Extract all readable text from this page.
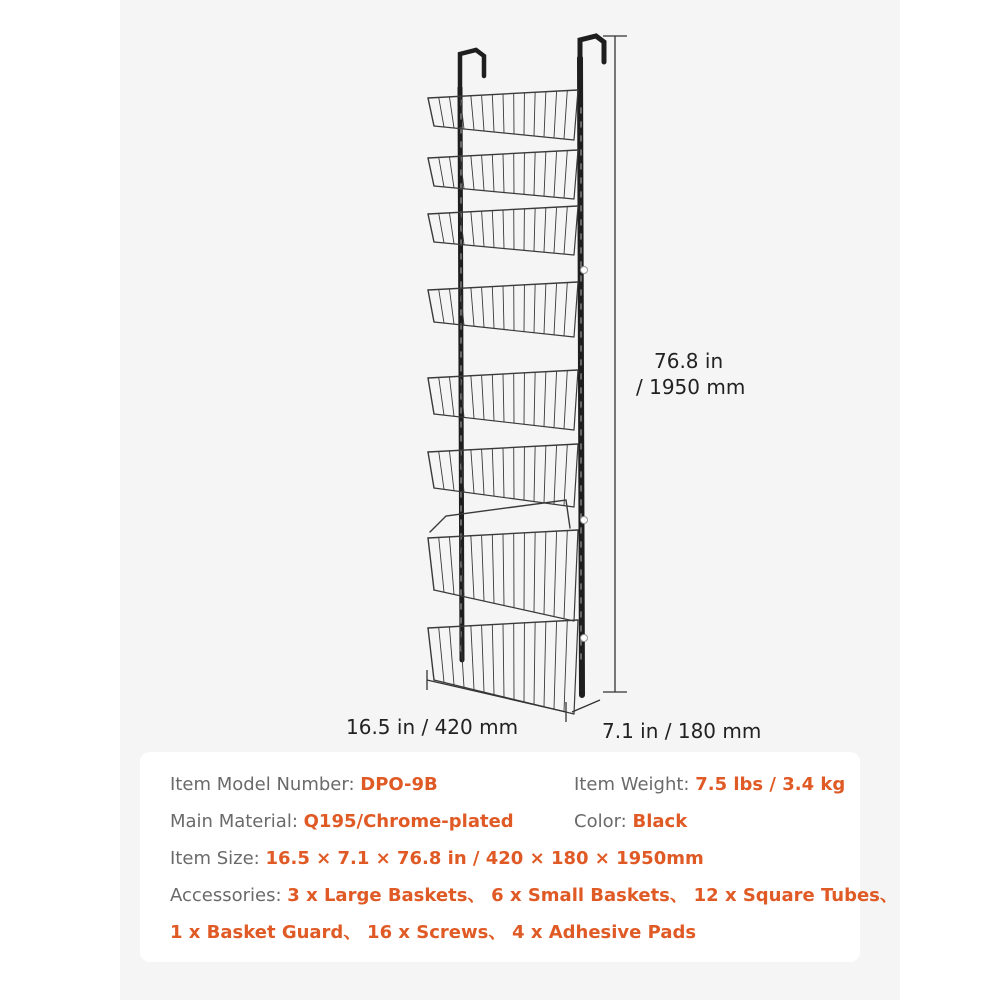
76.8 in
/ 1950 mm
16.5 in / 420 mm	7.1 in / 180 mm
Item Model Number: DPO-9B	Item Weight: 7.5 lbs / 3.4 kg
Main Material: Q195/Chrome-plated	Color: Black
Item Size: 16.5 × 7.1 × 76.8 in / 420 × 180 × 1950mm
Accessories: 3 x Large Baskets、 6 x Small Baskets、 12 x Square Tubes、
1 x Basket Guard、 16 x Screws、 4 x Adhesive Pads
